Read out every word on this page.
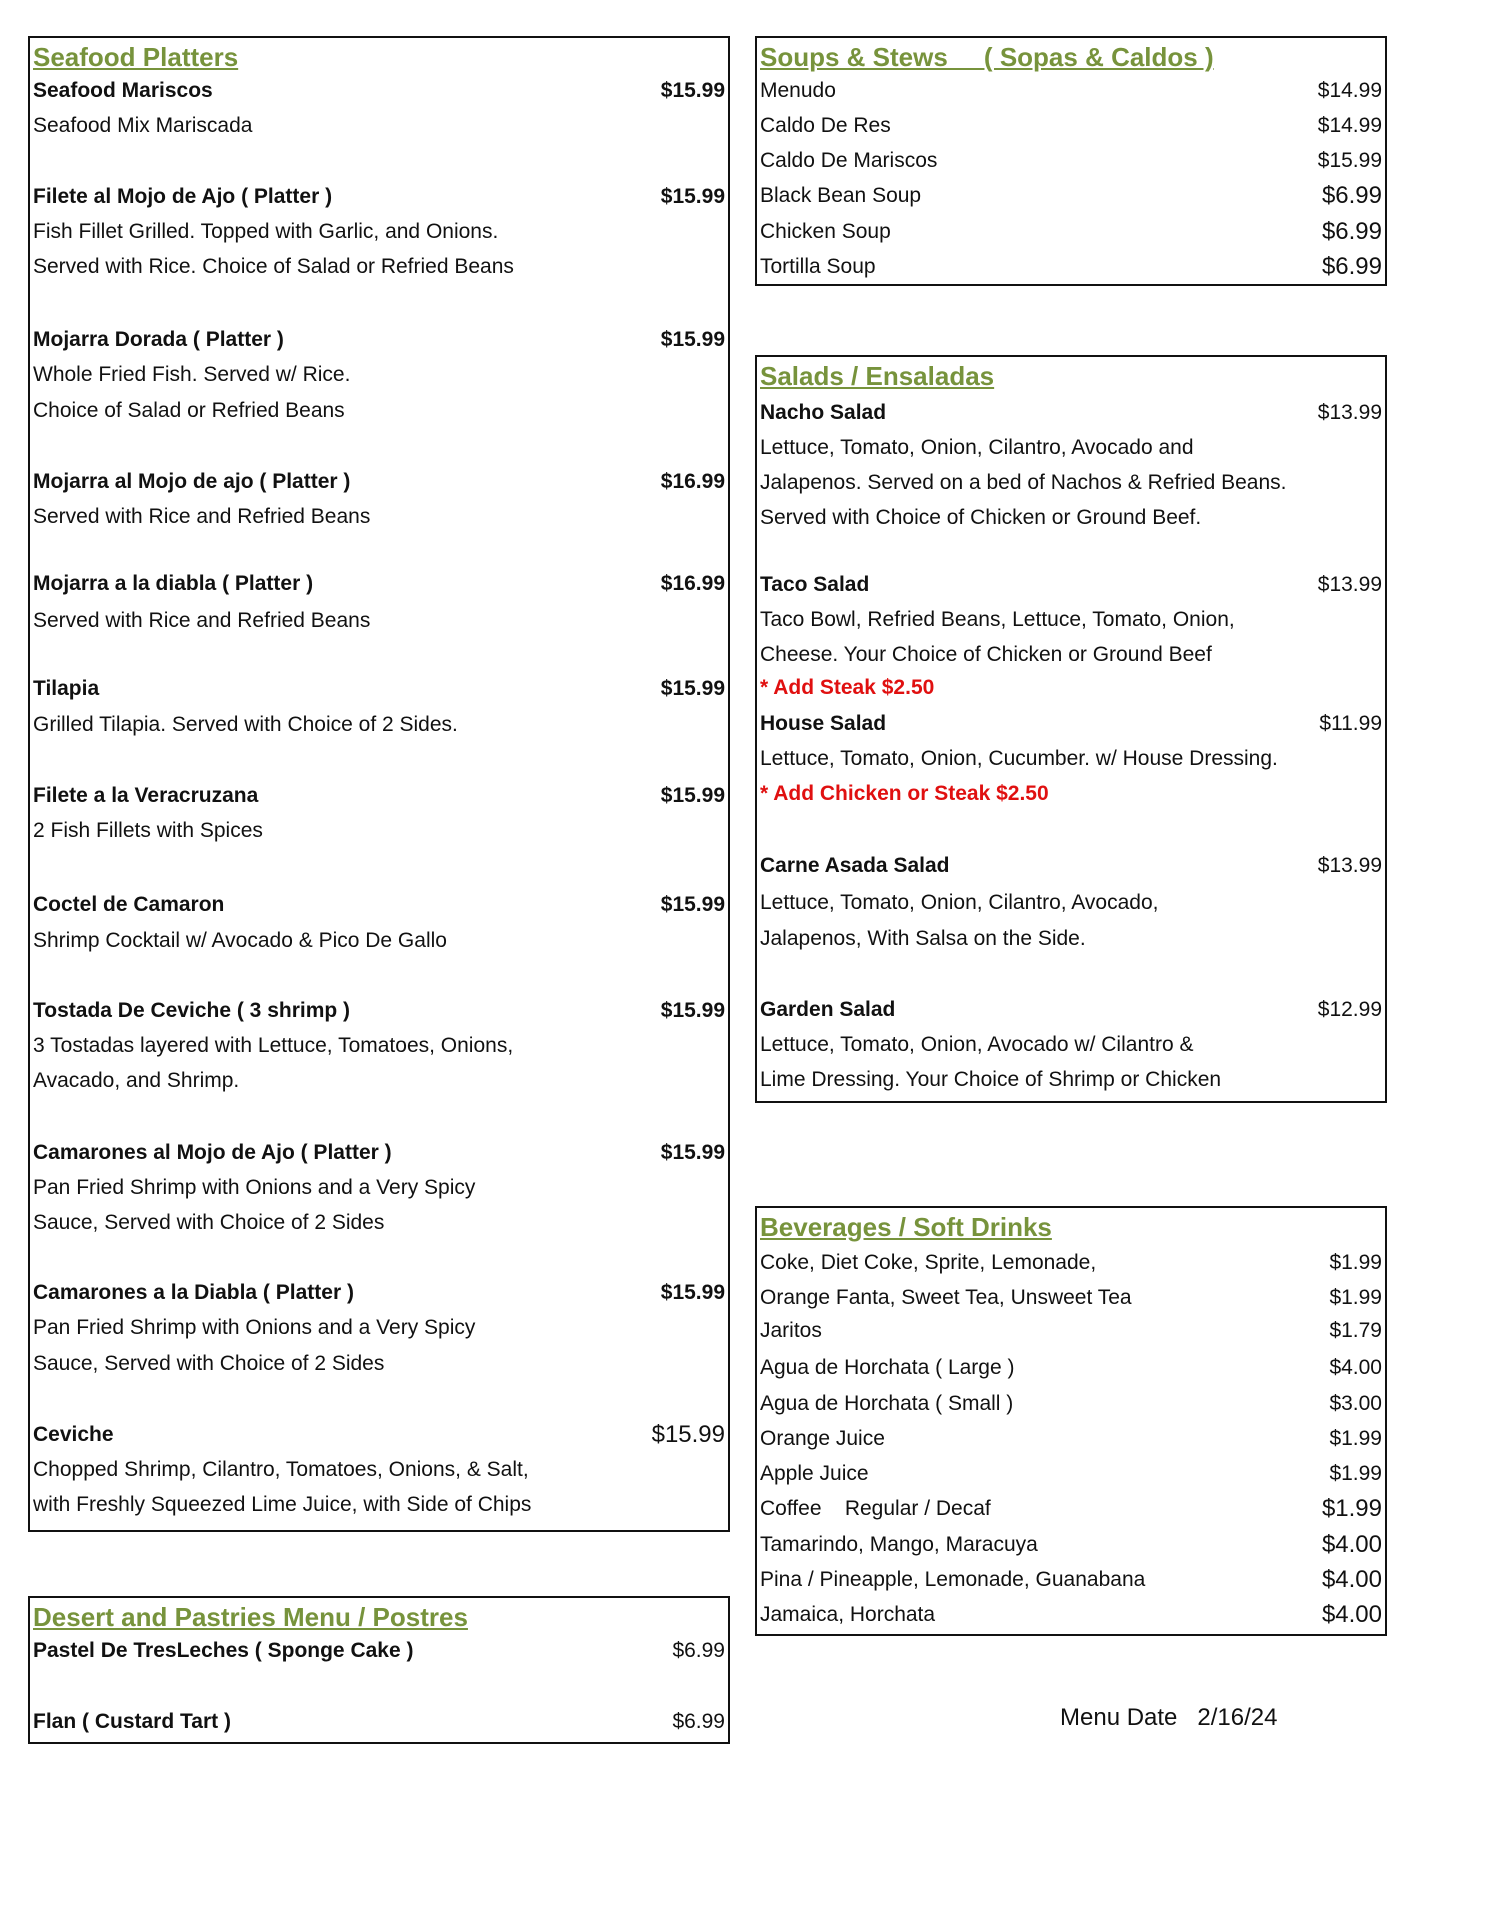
Seafood Platters
Seafood Mariscos	$15.99
Seafood Mix Mariscada
Filete al Mojo de Ajo ( Platter )	$15.99
Fish Fillet Grilled. Topped with Garlic, and Onions.
Served with Rice. Choice of Salad or Refried Beans
Mojarra Dorada ( Platter )	$15.99
Whole Fried Fish. Served w/ Rice.
Choice of Salad or Refried Beans
Mojarra al Mojo de ajo ( Platter )	$16.99
Served with Rice and Refried Beans
Mojarra a la diabla ( Platter )	$16.99
Served with Rice and Refried Beans
Tilapia	$15.99
Grilled Tilapia. Served with Choice of 2 Sides.
Filete a la Veracruzana	$15.99
2 Fish Fillets with Spices
Coctel de Camaron	$15.99
Shrimp Cocktail w/ Avocado & Pico De Gallo
Tostada De Ceviche ( 3 shrimp )	$15.99
3 Tostadas layered with Lettuce, Tomatoes, Onions,
Avacado, and Shrimp.
Camarones al Mojo de Ajo ( Platter )	$15.99
Pan Fried Shrimp with Onions and a Very Spicy
Sauce, Served with Choice of 2 Sides
Camarones a la Diabla ( Platter )	$15.99
Pan Fried Shrimp with Onions and a Very Spicy
Sauce, Served with Choice of 2 Sides
Ceviche	$15.99
Chopped Shrimp, Cilantro, Tomatoes, Onions, & Salt,
with Freshly Squeezed Lime Juice, with Side of Chips
Desert and Pastries Menu / Postres
Pastel De TresLeches ( Sponge Cake )	$6.99
Flan ( Custard Tart )	$6.99
Soups & Stews     ( Sopas & Caldos )
Menudo	$14.99
Caldo De Res	$14.99
Caldo De Mariscos	$15.99
Black Bean Soup	$6.99
Chicken Soup	$6.99
Tortilla Soup	$6.99
Salads / Ensaladas
Nacho Salad	$13.99
Lettuce, Tomato, Onion, Cilantro, Avocado and
Jalapenos. Served on a bed of Nachos & Refried Beans.
Served with Choice of Chicken or Ground Beef.
Taco Salad	$13.99
Taco Bowl, Refried Beans, Lettuce, Tomato, Onion,
Cheese. Your Choice of Chicken or Ground Beef
* Add Steak $2.50
House Salad	$11.99
Lettuce, Tomato, Onion, Cucumber. w/ House Dressing.
* Add Chicken or Steak $2.50
Carne Asada Salad	$13.99
Lettuce, Tomato, Onion, Cilantro, Avocado,
Jalapenos, With Salsa on the Side.
Garden Salad	$12.99
Lettuce, Tomato, Onion, Avocado w/ Cilantro &
Lime Dressing. Your Choice of Shrimp or Chicken
Beverages / Soft Drinks
Coke, Diet Coke, Sprite, Lemonade,	$1.99
Orange Fanta, Sweet Tea, Unsweet Tea	$1.99
Jaritos	$1.79
Agua de Horchata ( Large )	$4.00
Agua de Horchata ( Small )	$3.00
Orange Juice	$1.99
Apple Juice	$1.99
Coffee    Regular / Decaf	$1.99
Tamarindo, Mango, Maracuya	$4.00
Pina / Pineapple, Lemonade, Guanabana	$4.00
Jamaica, Horchata	$4.00
Menu Date   2/16/24
